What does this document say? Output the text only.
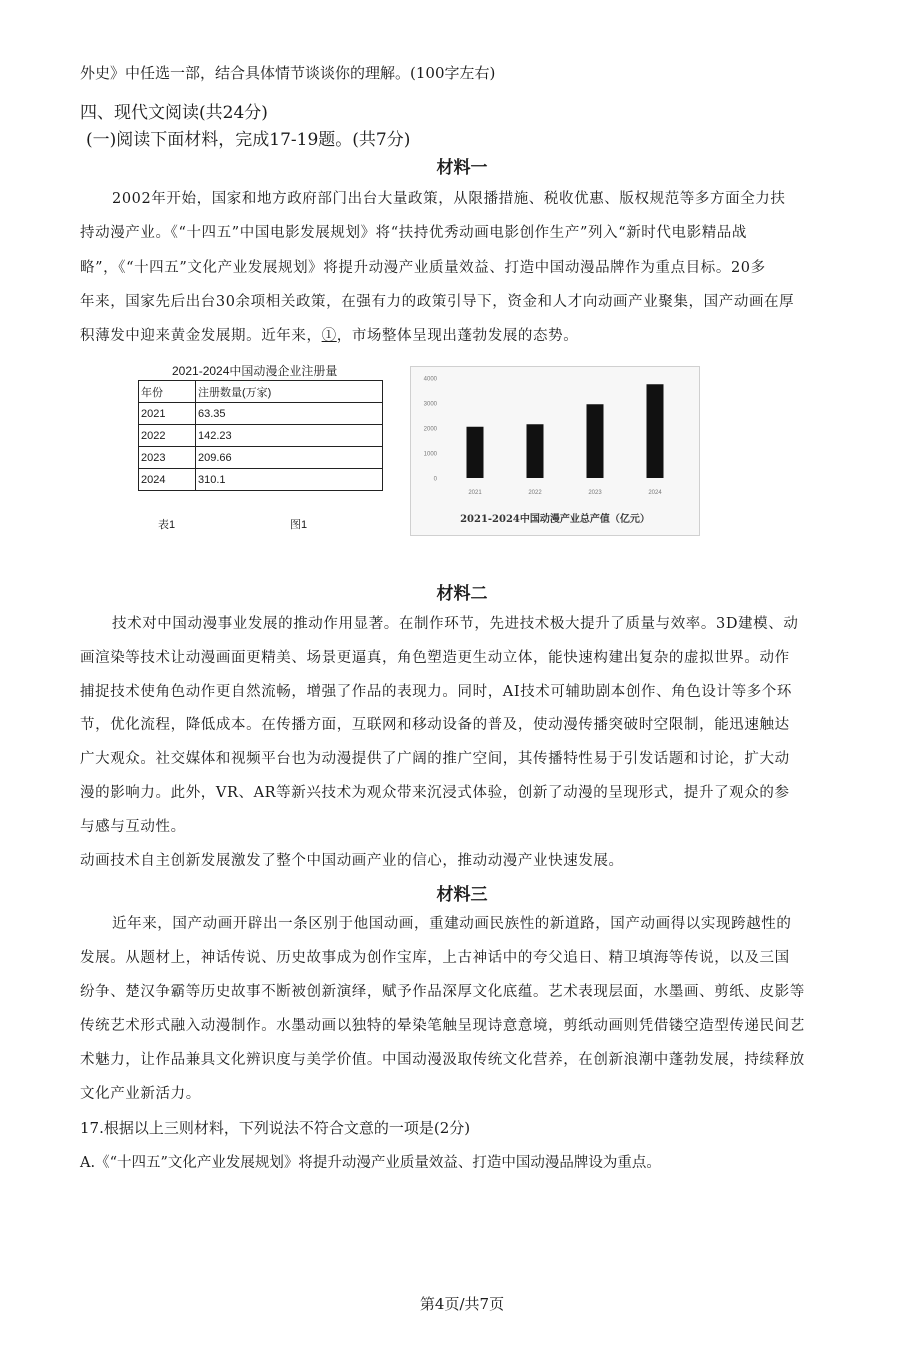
外史》中任选一部，结合具体情节谈谈你的理解。(100字左右)
四、现代文阅读(共24分)
(一)阅读下面材料，完成17-19题。(共7分)
材料一
2002年开始，国家和地方政府部门出台大量政策，从限播措施、税收优惠、版权规范等多方面全力扶
持动漫产业。《“十四五”中国电影发展规划》将“扶持优秀动画电影创作生产”列入“新时代电影精品战
略”，《“十四五”文化产业发展规划》将提升动漫产业质量效益、打造中国动漫品牌作为重点目标。20多
年来，国家先后出台30余项相关政策，在强有力的政策引导下，资金和人才向动画产业聚集，国产动画在厚
积薄发中迎来黄金发展期。近年来，①，市场整体呈现出蓬勃发展的态势。
2021-2024中国动漫企业注册量
年份	注册数量(万家)
2021	63.35
2022	142.23
2023	209.66
2024	310.1
表1	图1
0
1000
2000
3000
4000
2021	2022	2023	2024
2021-2024中国动漫产业总产值（亿元）
材料二
技术对中国动漫事业发展的推动作用显著。在制作环节，先进技术极大提升了质量与效率。3D建模、动
画渲染等技术让动漫画面更精美、场景更逼真，角色塑造更生动立体，能快速构建出复杂的虚拟世界。动作
捕捉技术使角色动作更自然流畅，增强了作品的表现力。同时，AI技术可辅助剧本创作、角色设计等多个环
节，优化流程，降低成本。在传播方面，互联网和移动设备的普及，使动漫传播突破时空限制，能迅速触达
广大观众。社交媒体和视频平台也为动漫提供了广阔的推广空间，其传播特性易于引发话题和讨论，扩大动
漫的影响力。此外，VR、AR等新兴技术为观众带来沉浸式体验，创新了动漫的呈现形式，提升了观众的参
与感与互动性。
动画技术自主创新发展激发了整个中国动画产业的信心，推动动漫产业快速发展。
材料三
近年来，国产动画开辟出一条区别于他国动画，重建动画民族性的新道路，国产动画得以实现跨越性的
发展。从题材上，神话传说、历史故事成为创作宝库，上古神话中的夸父追日、精卫填海等传说，以及三国
纷争、楚汉争霸等历史故事不断被创新演绎，赋予作品深厚文化底蕴。艺术表现层面，水墨画、剪纸、皮影等
传统艺术形式融入动漫制作。水墨动画以独特的晕染笔触呈现诗意意境，剪纸动画则凭借镂空造型传递民间艺
术魅力，让作品兼具文化辨识度与美学价值。中国动漫汲取传统文化营养，在创新浪潮中蓬勃发展，持续释放
文化产业新活力。
17.根据以上三则材料，下列说法不符合文意的一项是(2分)
A.《“十四五”文化产业发展规划》将提升动漫产业质量效益、打造中国动漫品牌设为重点。
第4页/共7页
